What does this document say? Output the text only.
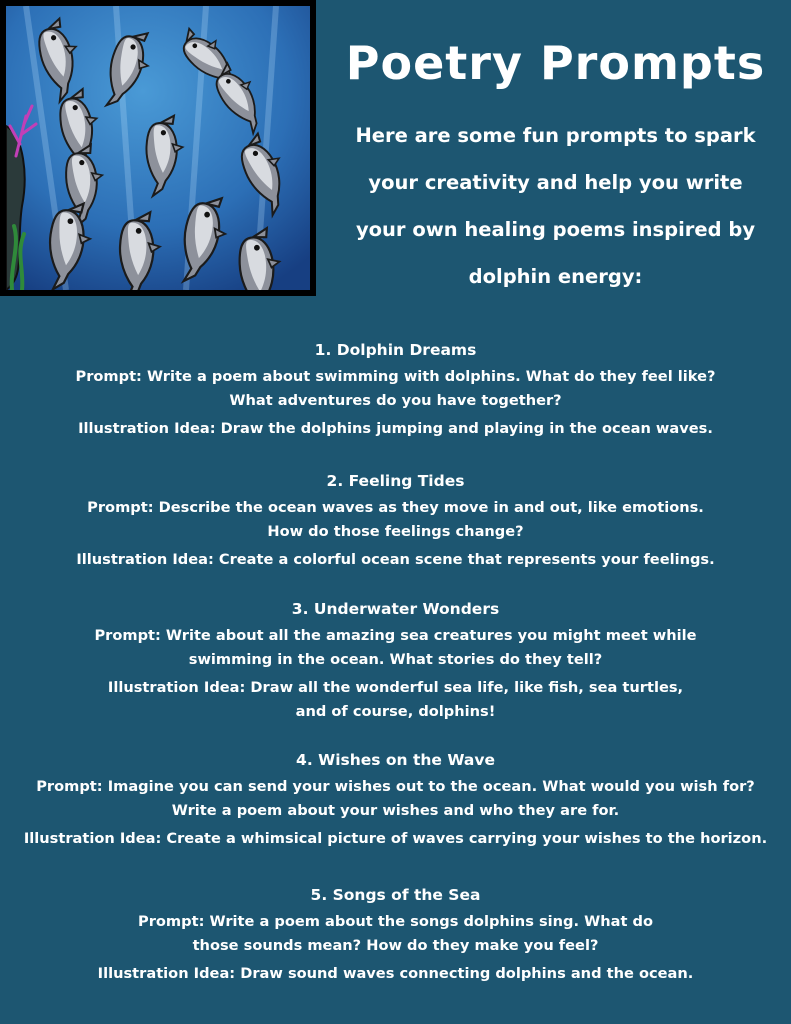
Poetry Prompts

Here are some fun prompts to spark your creativity and help you write your own healing poems inspired by dolphin energy:

1. Dolphin Dreams
Prompt: Write a poem about swimming with dolphins. What do they feel like? What adventures do you have together?
Illustration Idea: Draw the dolphins jumping and playing in the ocean waves.
2. Feeling Tides
Prompt: Describe the ocean waves as they move in and out, like emotions. How do those feelings change?
Illustration Idea: Create a colorful ocean scene that represents your feelings.
3. Underwater Wonders
Prompt: Write about all the amazing sea creatures you might meet while swimming in the ocean. What stories do they tell?
Illustration Idea: Draw all the wonderful sea life, like fish, sea turtles, and of course, dolphins!
4. Wishes on the Wave
Prompt: Imagine you can send your wishes out to the ocean. What would you wish for? Write a poem about your wishes and who they are for.
Illustration Idea: Create a whimsical picture of waves carrying your wishes to the horizon.
5. Songs of the Sea
Prompt: Write a poem about the songs dolphins sing. What do those sounds mean? How do they make you feel?
Illustration Idea: Draw sound waves connecting dolphins and the ocean.
